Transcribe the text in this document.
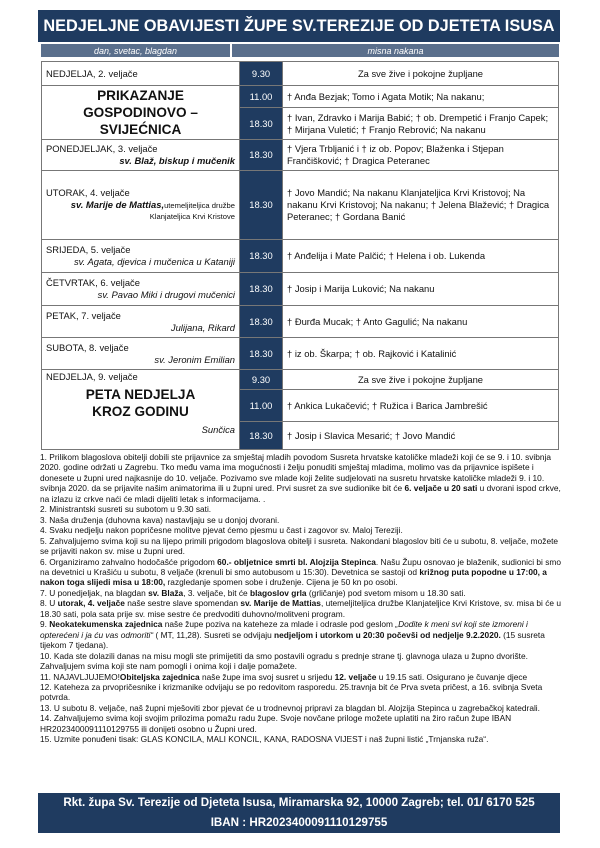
NEDJELJNE OBAVIJESTI ŽUPE SV.TEREZIJE OD DJETETA ISUSA
dan, svetac, blagdan	misna nakana
NEDJELJA, 2. veljače	9.30	Za sve žive i pokojne župljane

PRIKAZANJE GOSPODINOVO – SVIJEĆNICA	11.00	† Anđa Bezjak; Tomo i Agata Motik; Na nakanu;
	18.30	† Ivan, Zdravko i Marija Babić; † ob. Drempetić i Franjo Capek; † Mirjana Vuletić; † Franjo Rebrović; Na nakanu

PONEDJELJAK, 3. veljače
sv. Blaž, biskup i mučenik	18.30	† Vjera Trbljanić i † iz ob. Popov; Blaženka i Stjepan Frančišković; † Dragica Peteranec

UTORAK, 4. veljače
sv. Marije de Mattias,utemeljiteljica družbe
Klanjateljica Krvi Kristove	18.30	† Jovo Mandić; Na nakanu Klanjateljica Krvi Kristovoj; Na nakanu Krvi Kristovoj; Na nakanu; † Jelena Blažević; † Dragica Peteranec; † Gordana Banić

SRIJEDA, 5. veljače
sv. Agata, djevica i mučenica u Kataniji	18.30	† Anđelija i Mate Palčić; † Helena i ob. Lukenda

ČETVRTAK, 6. veljače
sv. Pavao Miki i drugovi mučenici	18.30	† Josip i Marija Luković; Na nakanu

PETAK, 7. veljače
Julijana, Rikard	18.30	† Đurđa Mucak; † Anto Gagulić; Na nakanu

SUBOTA, 8. veljače
sv. Jeronim Emilian	18.30	† iz ob. Škarpa; † ob. Rajković i Katalinić

NEDJELJA, 9. veljače
PETA NEDJELJA
KROZ GODINU
Sunčica	9.30	Za sve žive i pokojne župljane
	11.00	† Ankica Lukačević; † Ružica i Barica Jambrešić
	18.30	† Josip i Slavica Mesarić; † Jovo Mandić

1. Prilikom blagoslova obitelji dobili ste prijavnice za smještaj mladih povodom Susreta hrvatske katoličke mladeži koji će se 9. i 10. svibnja 2020. godine održati u Zagrebu. Tko među vama ima mogućnosti i želju ponuditi smještaj mladima, molimo vas da prijavnice ispišete i donesete u župni ured najkasnije do 10. veljače. Pozivamo sve mlade koji želite sudjelovati na susretu hrvatske katoličke mladeži 9. i 10. svibnja 2020. da se prijavite našim animatorima ili u župni ured. Prvi susret za sve sudionike bit će 6. veljače u 20 sati u dvorani ispod crkve, na izlazu iz crkve naći će mladi dijeliti letak s informacijama. .

2. Ministrantski susreti su subotom u 9.30 sati.

3. Naša druženja (duhovna kava) nastavljaju se u donjoj dvorani.

4. Svaku nedjelju nakon popričesne molitve pjevat ćemo pjesmu u čast i zagovor sv. Maloj Tereziji.

5. Zahvaljujemo svima koji su na lijepo primili prigodom blagoslova obitelji i susreta. Nakondani blagoslov biti će u subotu, 8. veljače, možete se prijaviti nakon sv. mise u župni ured.

6. Organiziramo zahvalno hodočašće prigodom 60.- obljetnice smrti bl. Alojzija Stepinca. Našu Župu osnovao je blaženik, sudionici bi smo na devetnici u Krašiću u subotu, 8 veljače (krenuli bi smo autobusom u 15:30). Devetnica se sastoji od križnog puta popodne u 17:00, a nakon toga slijedi misa u 18:00, razgledanje spomen sobe i druženje. Cijena je 50 kn po osobi.

7. U ponedjeljak, na blagdan sv. Blaža, 3. veljače, bit će blagoslov grla (grličanje) pod svetom misom u 18.30 sati.

8. U utorak, 4. veljače naše sestre slave spomendan sv. Marije de Mattias, utemeljiteljica družbe Klanjateljice Krvi Kristove, sv. misa bi će u 18.30 sati, pola sata prije sv. mise sestre će predvoditi duhovno/molitveni program.

9. Neokatekumenska zajednica naše župe poziva na kateheze za mlade i odrasle pod geslom „Dodite k meni svi koji ste izmoreni i opterećeni i ja ću vas odmoriti“ ( MT, 11,28). Susreti se odvijaju nedjeljom i utorkom u 20:30 počevši od nedjelje 9.2.2020. (15 susreta tijekom 7 tjedana).

10. Kada ste dolazili danas na misu mogli ste primijetiti da smo postavili ogradu s prednje strane tj. glavnoga ulaza u župno dvorište. Zahvaljujem svima koji ste nam pomogli i onima koji i dalje pomažete.

11. NAJAVLJUJEMO!Obiteljska zajednica naše župe ima svoj susret u srijedu 12. veljače u 19.15 sati. Osigurano je čuvanje djece

12. Kateheza za prvopričesnike i krizmanike odvijaju se po redovitom rasporedu. 25.travnja bit će Prva sveta pričest, a 16. svibnja Sveta potvrda.

13. U subotu 8. veljače, naš župni mješoviti zbor pjevat će u trodnevnoj pripravi za blagdan bl. Alojzija Stepinca u zagrebačkoj katedrali.

14. Zahvaljujemo svima koji svojim prilozima pomažu radu župe. Svoje novčane priloge možete uplatiti na žiro račun župe IBAN HR2023400091110129755 ili donijeti osobno u Župni ured.

15. Uzmite ponuđeni tisak: GLAS KONCILA, MALI KONCIL, KANA, RADOSNA VIJEST i naš župni listić „Trnjanska ruža“.

Rkt. župa Sv. Terezije od Djeteta Isusa, Miramarska 92, 10000 Zagreb; tel. 01/ 6170 525
IBAN : HR2023400091110129755
